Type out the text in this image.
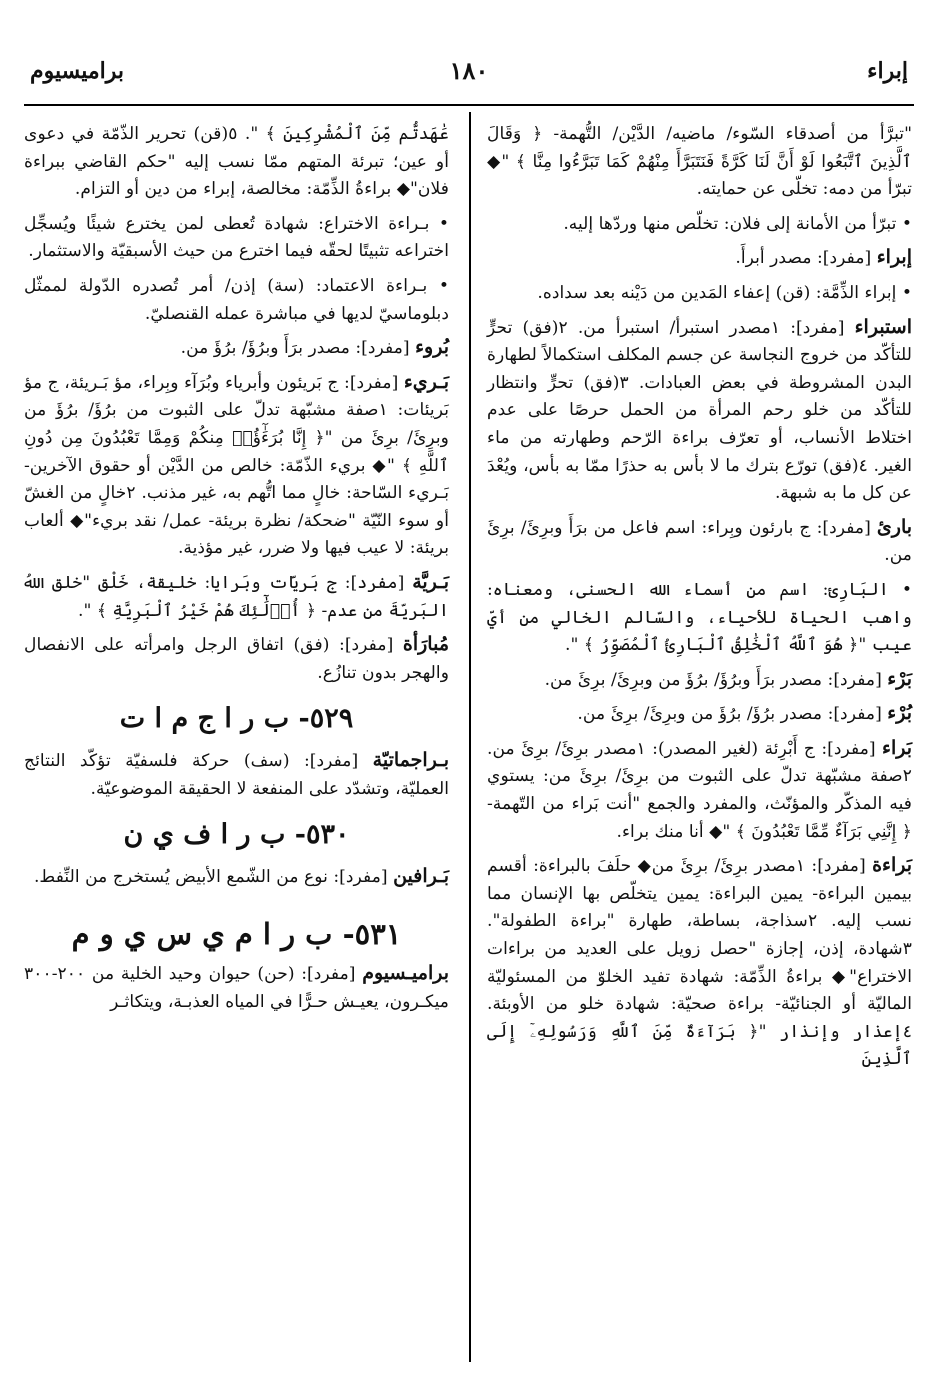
إبراء
١٨٠
براميسيوم

"تبرَّأ من أصدقاء السّوء/ ماضيه/ الدَّيْن/ التُّهمة- ﴿ وَقَالَ ٱلَّذِينَ ٱتَّبَعُوا لَوْ أَنَّ لَنَا كَرَّةً فَنَتَبَرَّأَ مِنْهُمْ كَمَا تَبَرَّءُوا مِنَّا ﴾ "◆ تبرّأ من دمه: تخلّى عن حمايته.

• تبرّأ من الأمانة إلى فلان: تخلّص منها وردّها إليه.

إبراء [مفرد]: مصدر أبرأَ.

• إبراء الذِّمَّة: (قن) إعفاء المَدين من دَيْنه بعد سداده.

استبراء [مفرد]: ١مصدر استبرأ/ استبرأ من. ٢(فق) تحرٍّ للتأكّد من خروج النجاسة عن جسم المكلف استكمالاً لطهارة البدن المشروطة في بعض العبادات. ٣(فق) تحرٍّ وانتظار للتأكّد من خلو رحم المرأة من الحمل حرصًا على عدم اختلاط الأنساب، أو تعرّف براءة الرّحم وطهارته من ماء الغير. ٤(فق) تورّع بترك ما لا بأس به حذرًا ممّا به بأس، ويُعْدَ عن كل ما به شبهة.

بارئ [مفرد]: ج بارئون وبِراء: اسم فاعل من برَأَ وبرِئَ/ برِئَ من.

• البَارِئ: اسم من أسماء الله الحسنى، ومعناه: واهب الحياة للأحياء، والسّالم الخالي من أيّ عيب "﴿ هُوَ ٱللَّهُ ٱلْخَٰلِقُ ٱلْبَارِئُ ٱلْمُصَوِّرُ ﴾ ".

بَرْء [مفرد]: مصدر برَأَ وبرُؤَ/ برُؤَ من وبرِئَ/ برِئَ من.

بُرْء [مفرد]: مصدر برُؤَ/ برُؤَ من وبرِئَ/ برِئَ من.

بَراء [مفرد]: ج أَبْرِئة (لغير المصدر): ١مصدر برِئَ/ برِئَ من. ٢صفة مشبّهة تدلّ على الثبوت من برِئَ/ برِئَ من: يستوي فيه المذكّر والمؤنّث، والمفرد والجمع "أنت بَراء من التّهمة- ﴿ إِنَّنِي بَرَآءٌ مِّمَّا تَعْبُدُونَ ﴾ "◆ أنا منك براء.

بَراءة [مفرد]: ١مصدر برِئَ/ برِئَ من◆ حلَفَ بالبراءة: أقسم بيمين البراءة- يمين البراءة: يمين يتخلّص بها الإنسان مما نسب إليه. ٢سذاجة، بساطة، طهارة "براءة الطفولة". ٣شهادة، إذن، إجازة "حصل زويل على العديد من براءات الاختراع"◆ براءةُ الذِّمّة: شهادة تفيد الخلوّ من المسئوليّة الماليّة أو الجنائيّة- براءة صحيّة: شهادة خلو من الأوبئة. ٤إعذار وإنذار "﴿ بَرَآءَةٌ مِّنَ ٱللَّهِ وَرَسُولِهِۦٓ إِلَى ٱلَّذِينَ

عَٰهَدتُّم مِّنَ ٱلْمُشْرِكِينَ ﴾ ". ٥(قن) تحرير الذّمّة في دعوى أو عين؛ تبرئة المتهم ممّا نسب إليه "حكم القاضي ببراءة فلان"◆ براءةُ الذِّمّة: مخالصة، إبراء من دين أو التزام.

• بـراءة الاختراع: شهادة تُعطى لمن يخترع شيئًا ويُسجِّل اختراعه تثبيتًا لحقّه فيما اخترع من حيث الأسبقيّة والاستثمار.

• بـراءة الاعتماد: (سة) إذن/ أمر تُصدره الدّولة لممثّل دبلوماسيّ لديها في مباشرة عمله القنصليّ.

بُروء [مفرد]: مصدر برَأَ وبرُؤَ/ برُؤَ من.

بَـريء [مفرد]: ج بَريئون وأبرياء وبُرَآء وبِراء، مؤ بَـريئة، ج مؤ بَريئات: ١صفة مشبّهة تدلّ على الثبوت من برُؤَ/ برُؤَ من وبرِئَ/ برِئَ من "﴿ إِنَّا بُرَءَٰٓؤُا۟ مِنكُمْ وَمِمَّا تَعْبُدُونَ مِن دُونِ ٱللَّهِ ﴾ "◆ بريء الذّمّة: خالص من الدَّيْن أو حقوق الآخرين- بَـريء السّاحة: خالٍ مما اتُّهم به، غير مذنب. ٢خالٍ من الغشّ أو سوء النّيّة "ضحكة/ نظرة بريئة- عمل/ نقد بريء"◆ ألعاب بريئة: لا عيب فيها ولا ضرر، غير مؤذية.

بَـريَّة [مفرد]: ج بَريّات وبَرايا: خليقة، خَلْق "خلق اللهُ البَريّةَ من عدم- ﴿ أُو۟لَٰٓئِكَ هُمْ خَيْرُ ٱلْبَرِيَّةِ ﴾ ".

مُبارَأة [مفرد]: (فق) اتفاق الرجل وامرأته على الانفصال والهجر بدون تنازُع.

٥٢٩- ب ر ا ج م ا ت

بـراجماتيّة [مفرد]: (سف) حركة فلسفيّة تؤكّد النتائج العمليّة، وتشدّد على المنفعة لا الحقيقة الموضوعيّة.

٥٣٠- ب ر ا ف ي ن

بَـرافين [مفرد]: نوع من الشّمع الأبيض يُستخرج من النِّفط.

٥٣١- ب ر ا م ي س ي و م

براميـسيوم [مفرد]: (حن) حيوان وحيد الخلية من ٢٠٠-٣٠٠ ميكـرون، يعيـش حـرًّا في المياه العذبـة، ويتكاثـر
